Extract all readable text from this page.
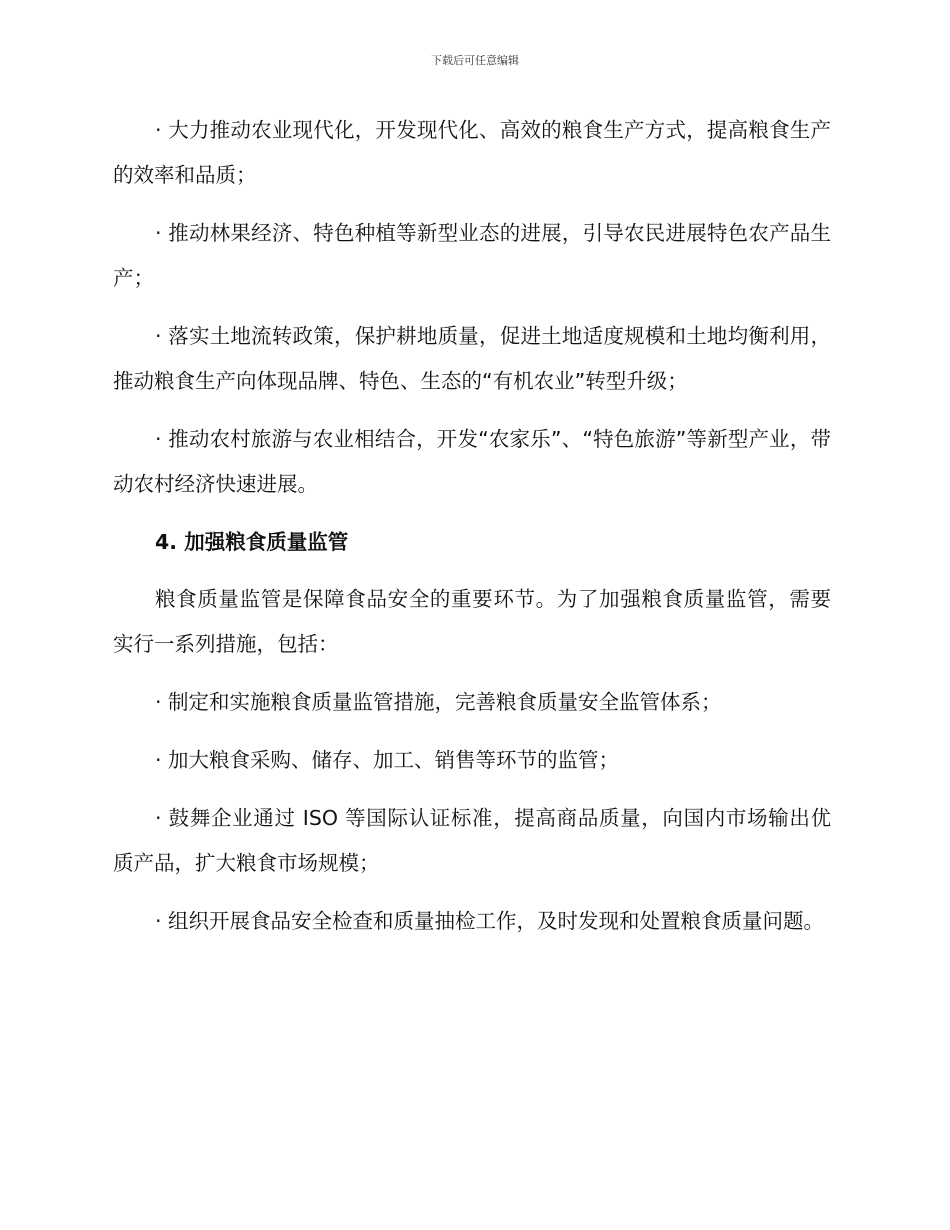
下载后可任意编辑

· 大力推动农业现代化，开发现代化、高效的粮食生产方式，提高粮食生产的效率和品质；

· 推动林果经济、特色种植等新型业态的进展，引导农民进展特色农产品生产；

· 落实土地流转政策，保护耕地质量，促进土地适度规模和土地均衡利用，推动粮食生产向体现品牌、特色、生态的“有机农业”转型升级；

· 推动农村旅游与农业相结合，开发“农家乐”、“特色旅游”等新型产业，带动农村经济快速进展。

4. 加强粮食质量监管

粮食质量监管是保障食品安全的重要环节。为了加强粮食质量监管，需要实行一系列措施，包括：

· 制定和实施粮食质量监管措施，完善粮食质量安全监管体系；

· 加大粮食采购、储存、加工、销售等环节的监管；

· 鼓舞企业通过 ISO 等国际认证标准，提高商品质量，向国内市场输出优质产品，扩大粮食市场规模；

· 组织开展食品安全检查和质量抽检工作，及时发现和处置粮食质量问题。
